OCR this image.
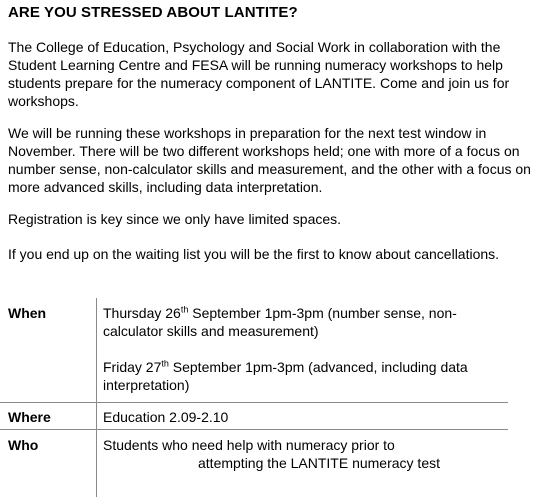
ARE YOU STRESSED ABOUT LANTITE?

The College of Education, Psychology and Social Work in collaboration with the Student Learning Centre and FESA will be running numeracy workshops to help students prepare for the numeracy component of LANTITE. Come and join us for workshops.

We will be running these workshops in preparation for the next test window in November. There will be two different workshops held; one with more of a focus on number sense, non-calculator skills and measurement, and the other with a focus on more advanced skills, including data interpretation.

Registration is key since we only have limited spaces.

If you end up on the waiting list you will be the first to know about cancellations.

When	Thursday 26th September 1pm-3pm (number sense, non-calculator skills and measurement)
Friday 27th September 1pm-3pm (advanced, including data interpretation)
Where	Education 2.09-2.10
Who	Students who need help with numeracy prior to
attempting the LANTITE numeracy test
